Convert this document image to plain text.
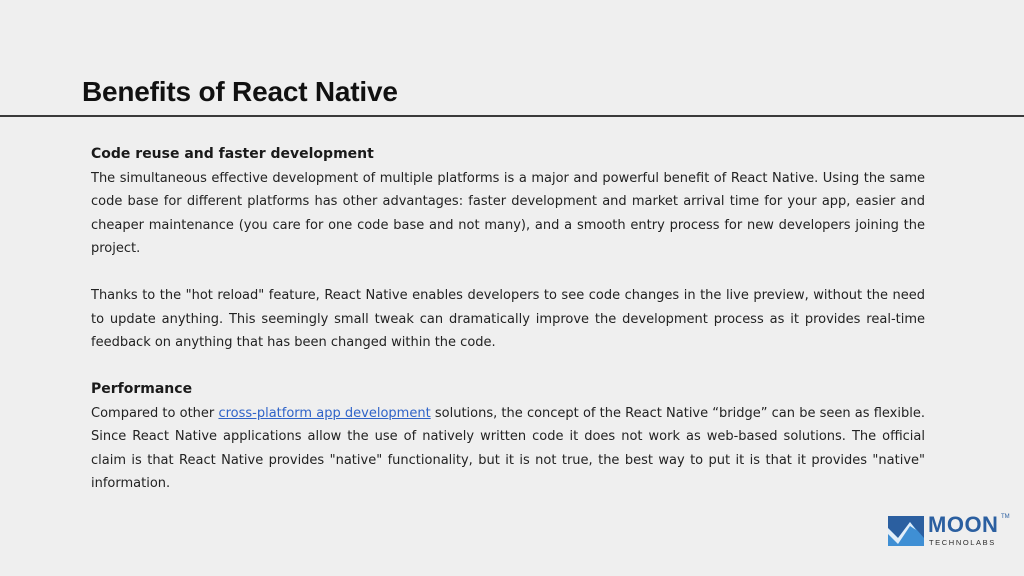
Benefits of React Native
Code reuse and faster development

The simultaneous effective development of multiple platforms is a major and powerful benefit of React Native. Using the same code base for different platforms has other advantages: faster development and market arrival time for your app, easier and cheaper maintenance (you care for one code base and not many), and a smooth entry process for new developers joining the project.

Thanks to the "hot reload" feature, React Native enables developers to see code changes in the live preview, without the need to update anything. This seemingly small tweak can dramatically improve the development process as it provides real-time feedback on anything that has been changed within the code.

Performance

Compared to other cross-platform app development solutions, the concept of the React Native “bridge” can be seen as flexible. Since React Native applications allow the use of natively written code it does not work as web-based solutions. The official claim is that React Native provides "native" functionality, but it is not true, the best way to put it is that it provides "native" information.

MOON TM
TECHNOLABS
